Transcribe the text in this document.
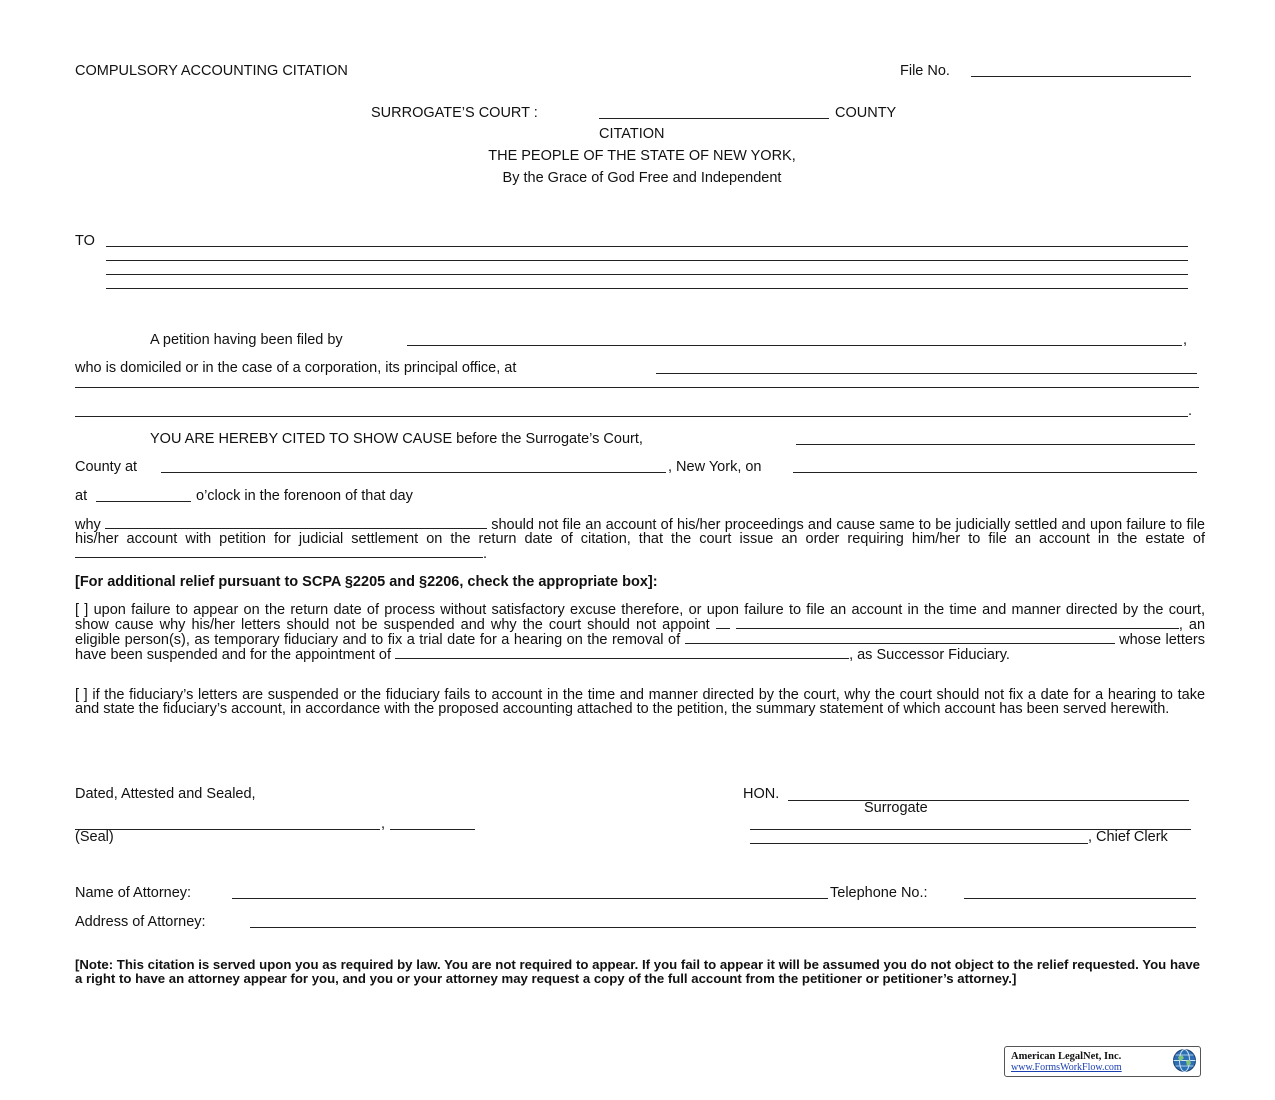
COMPULSORY ACCOUNTING CITATION	File No.
SURROGATE’S COURT :	COUNTY
CITATION
THE PEOPLE OF THE STATE OF NEW YORK,
By the Grace of God Free and Independent
TO
A petition having been filed by	,
who is domiciled or in the case of a corporation, its principal office, at
.
YOU ARE HEREBY CITED TO SHOW CAUSE before the Surrogate’s Court,
County at	, New York, on
at	o’clock in the forenoon of that day
why	should not file an account of his/her proceedings and cause same to be judicially settled and upon failure to file his/her account with petition for judicial settlement on the return date of citation, that the court issue an order requiring him/her to file an account in the estate of .
[For additional relief pursuant to SCPA §2205 and §2206, check the appropriate box]:
[ ] upon failure to appear on the return date of process without satisfactory excuse therefore, or upon failure to file an account in the time and manner directed by the court, show cause why his/her letters should not be suspended and why the court should not appoint	, an eligible person(s), as temporary fiduciary and to fix a trial date for a hearing on the removal of	whose letters have been suspended and for the appointment of	, as Successor Fiduciary.
[ ] if the fiduciary’s letters are suspended or the fiduciary fails to account in the time and manner directed by the court, why the court should not fix a date for a hearing to take and state the fiduciary’s account, in accordance with the proposed accounting attached to the petition, the summary statement of which account has been served herewith.
Dated, Attested and Sealed,	HON.
Surrogate
,
(Seal)	, Chief Clerk
Name of Attorney:	Telephone No.:
Address of Attorney:
[Note: This citation is served upon you as required by law. You are not required to appear. If you fail to appear it will be assumed you do not object to the relief requested. You have a right to have an attorney appear for you, and you or your attorney may request a copy of the full account from the petitioner or petitioner’s attorney.]
American LegalNet, Inc.
www.FormsWorkFlow.com
